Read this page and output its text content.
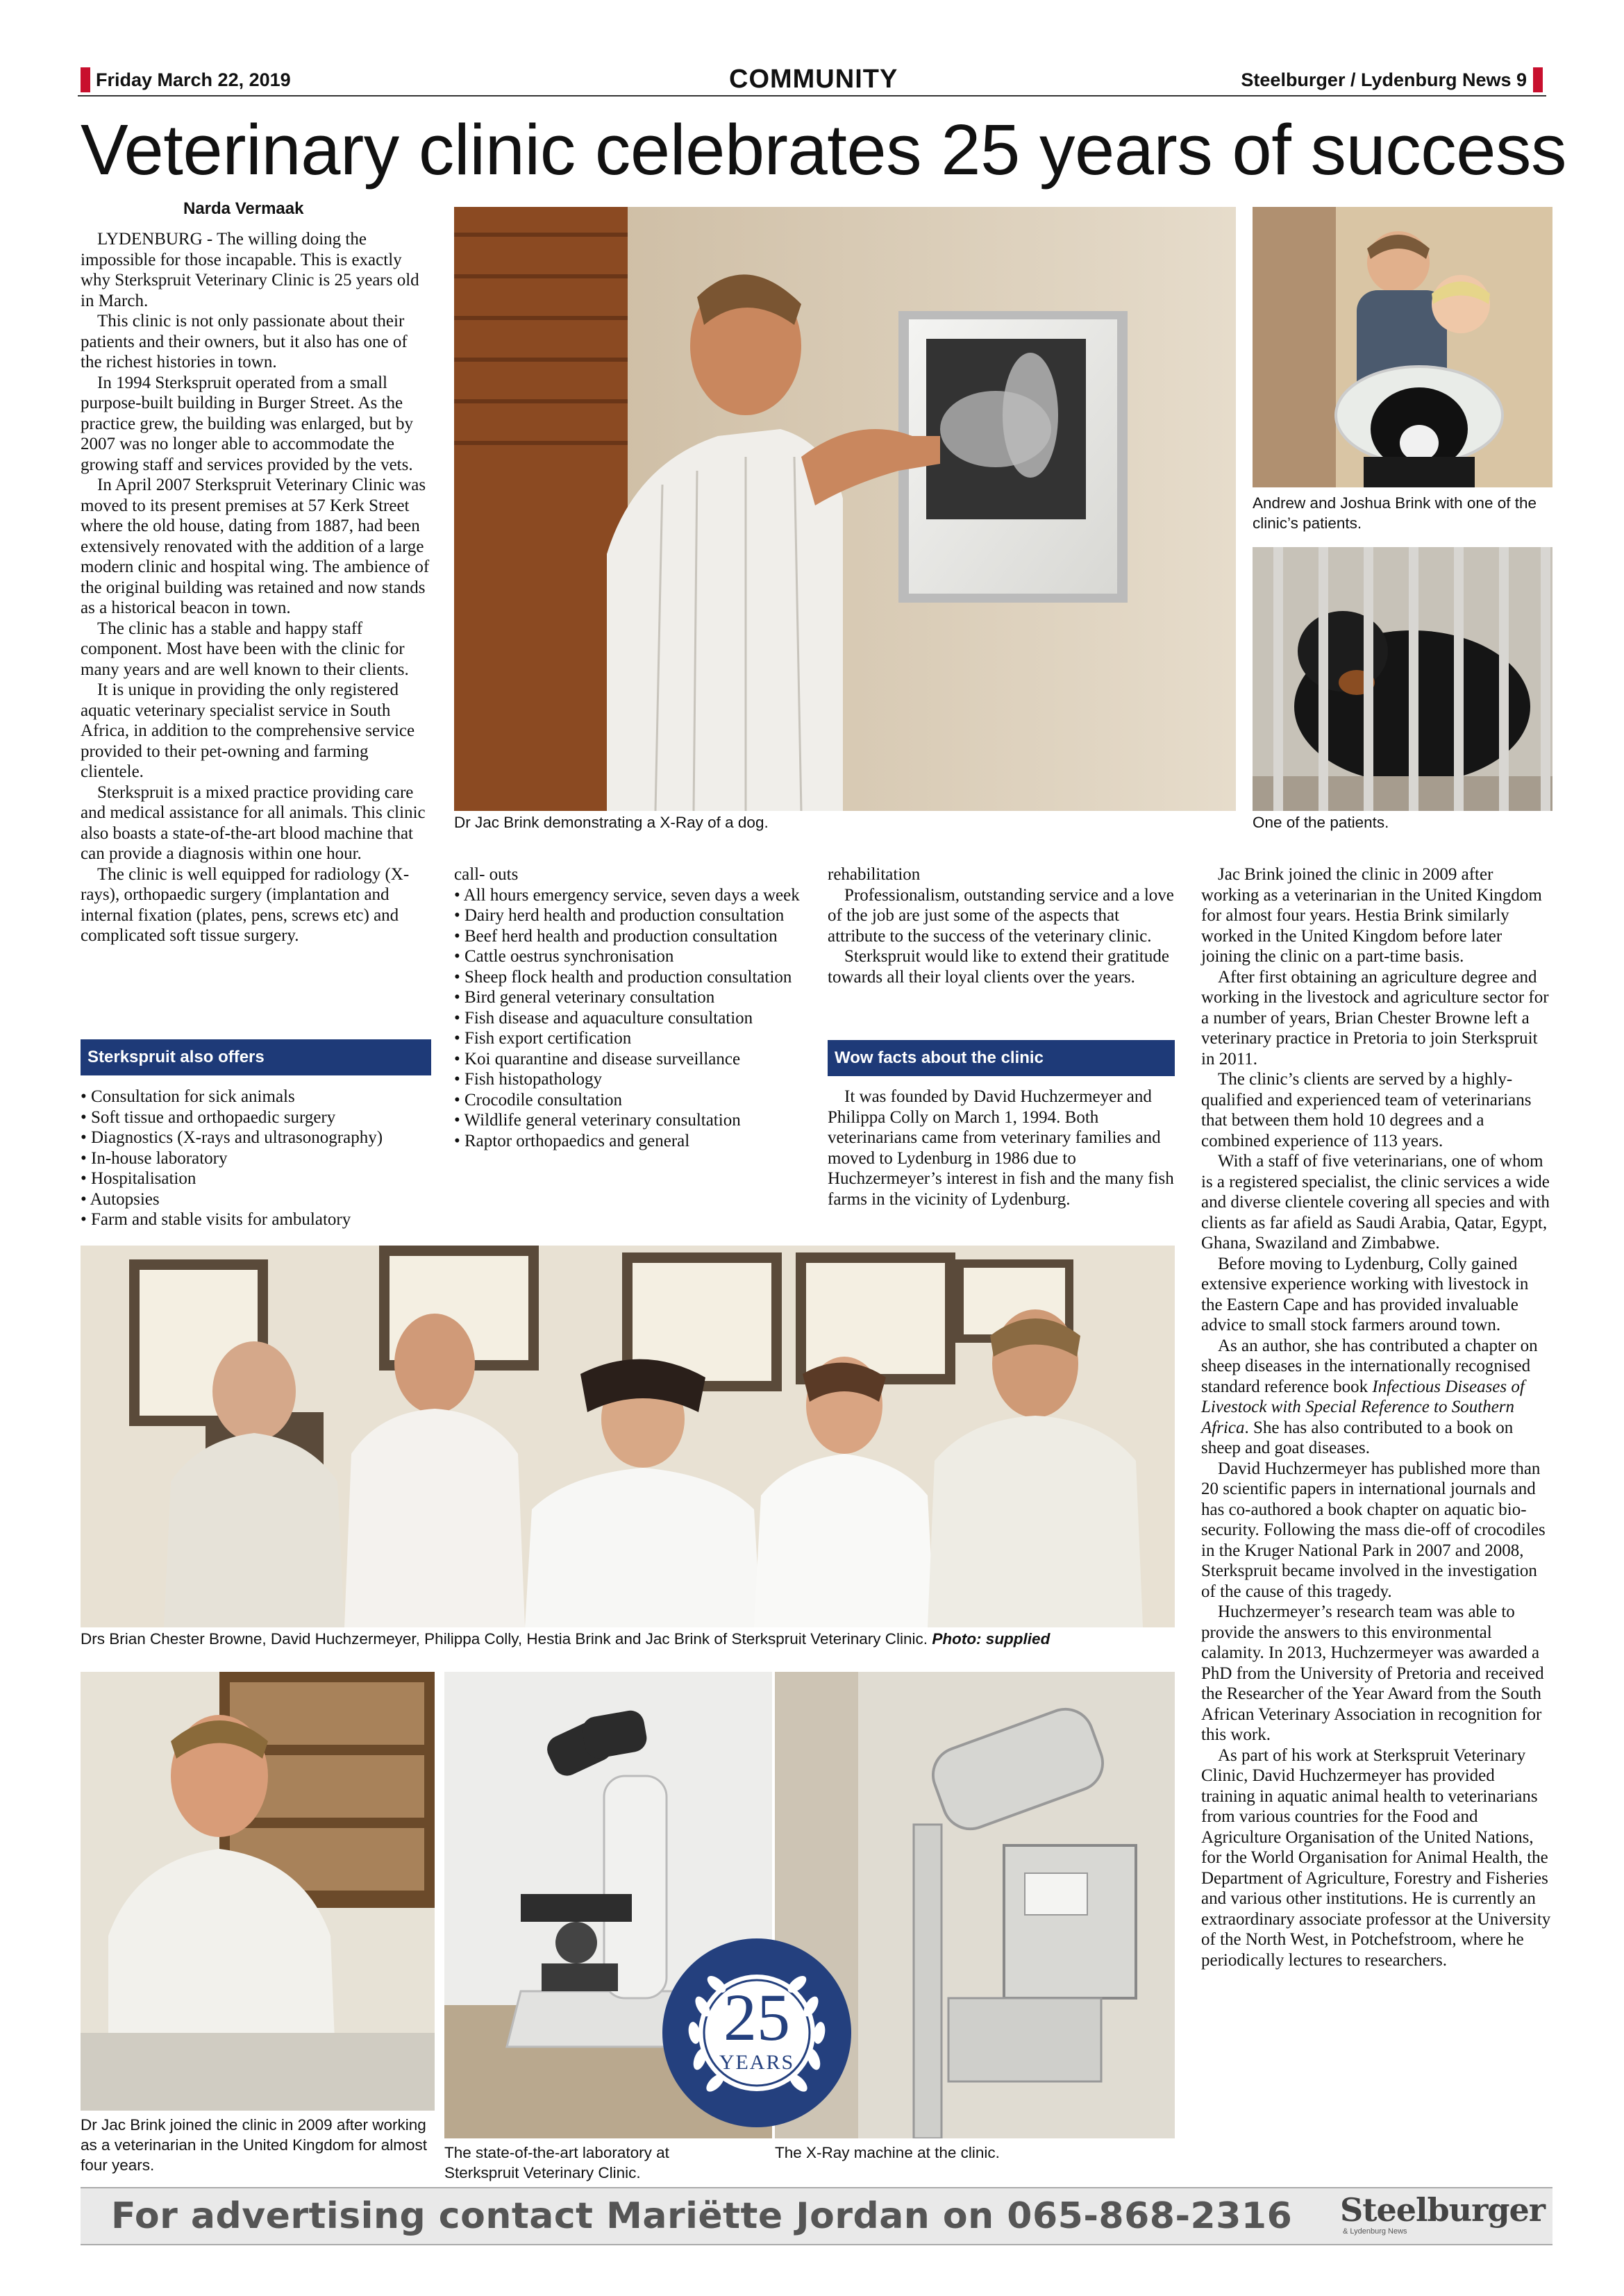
Friday March 22, 2019	COMMUNITY	Steelburger / Lydenburg News 9
Veterinary clinic celebrates 25 years of success
Narda Vermaak

LYDENBURG - The willing doing the impossible for those incapable. This is exactly why Sterkspruit Veterinary Clinic is 25 years old in March.

This clinic is not only passionate about their patients and their owners, but it also has one of the richest histories in town.

In 1994 Sterkspruit operated from a small purpose-built building in Burger Street. As the practice grew, the building was enlarged, but by 2007 was no longer able to accommodate the growing staff and services provided by the vets.

In April 2007 Sterkspruit Veterinary Clinic was moved to its present premises at 57 Kerk Street where the old house, dating from 1887, had been extensively renovated with the addition of a large modern clinic and hospital wing. The ambience of the original building was retained and now stands as a historical beacon in town.

The clinic has a stable and happy staff component. Most have been with the clinic for many years and are well known to their clients.

It is unique in providing the only registered aquatic veterinary specialist service in South Africa, in addition to the comprehensive service provided to their pet-owning and farming clientele.

Sterkspruit is a mixed practice providing care and medical assistance for all animals. This clinic also boasts a state-of-the-art blood machine that can provide a diagnosis within one hour.

The clinic is well equipped for radiology (X-rays), orthopaedic surgery (implantation and internal fixation (plates, pens, screws etc) and complicated soft tissue surgery.

Sterkspruit also offers
• Consultation for sick animals
• Soft tissue and orthopaedic surgery
• Diagnostics (X-rays and ultrasonography)
• In-house laboratory
• Hospitalisation
• Autopsies
• Farm and stable visits for ambulatory
Dr Jac Brink demonstrating a X-Ray of a dog.
Andrew and Joshua Brink with one of the clinic’s patients.
One of the patients.
call- outs
• All hours emergency service, seven days a week
• Dairy herd health and production consultation
• Beef herd health and production consultation
• Cattle oestrus synchronisation
• Sheep flock health and production consultation
• Bird general veterinary consultation
• Fish disease and aquaculture consultation
• Fish export certification
• Koi quarantine and disease surveillance
• Fish histopathology
• Crocodile consultation
• Wildlife general veterinary consultation
• Raptor orthopaedics and general

rehabilitation

Professionalism, outstanding service and a love of the job are just some of the aspects that attribute to the success of the veterinary clinic.

Sterkspruit would like to extend their gratitude towards all their loyal clients over the years.

Wow facts about the clinic

It was founded by David Huchzermeyer and Philippa Colly on March 1, 1994. Both veterinarians came from veterinary families and moved to Lydenburg in 1986 due to Huchzermeyer’s interest in fish and the many fish farms in the vicinity of Lydenburg.

Jac Brink joined the clinic in 2009 after working as a veterinarian in the United Kingdom for almost four years. Hestia Brink similarly worked in the United Kingdom before later joining the clinic on a part-time basis.

After first obtaining an agriculture degree and working in the livestock and agriculture sector for a number of years, Brian Chester Browne left a veterinary practice in Pretoria to join Sterkspruit in 2011.

The clinic’s clients are served by a highly-qualified and experienced team of veterinarians that between them hold 10 degrees and a combined experience of 113 years.

With a staff of five veterinarians, one of whom is a registered specialist, the clinic services a wide and diverse clientele covering all species and with clients as far afield as Saudi Arabia, Qatar, Egypt, Ghana, Swaziland and Zimbabwe.

Before moving to Lydenburg, Colly gained extensive experience working with livestock in the Eastern Cape and has provided invaluable advice to small stock farmers around town.

As an author, she has contributed a chapter on sheep diseases in the internationally recognised standard reference book Infectious Diseases of Livestock with Special Reference to Southern Africa. She has also contributed to a book on sheep and goat diseases.

David Huchzermeyer has published more than 20 scientific papers in international journals and has co-authored a book chapter on aquatic bio-security. Following the mass die-off of crocodiles in the Kruger National Park in 2007 and 2008, Sterkspruit became involved in the investigation of the cause of this tragedy.

Huchzermeyer’s research team was able to provide the answers to this environmental calamity. In 2013, Huchzermeyer was awarded a PhD from the University of Pretoria and received the Researcher of the Year Award from the South African Veterinary Association in recognition for this work.

As part of his work at Sterkspruit Veterinary Clinic, David Huchzermeyer has provided training in aquatic animal health to veterinarians from various countries for the Food and Agriculture Organisation of the United Nations, for the World Organisation for Animal Health, the Department of Agriculture, Forestry and Fisheries and various other institutions. He is currently an extraordinary associate professor at the University of the North West, in Potchefstroom, where he periodically lectures to researchers.

Drs Brian Chester Browne, David Huchzermeyer, Philippa Colly, Hestia Brink and Jac Brink of Sterkspruit Veterinary Clinic. Photo: supplied
Dr Jac Brink joined the clinic in 2009 after working as a veterinarian in the United Kingdom for almost four years.
The state-of-the-art laboratory at Sterkspruit Veterinary Clinic.
The X-Ray machine at the clinic.
25
YEARS
For advertising contact Mariëtte Jordan on 065-868-2316 Steelburger
& Lydenburg News
